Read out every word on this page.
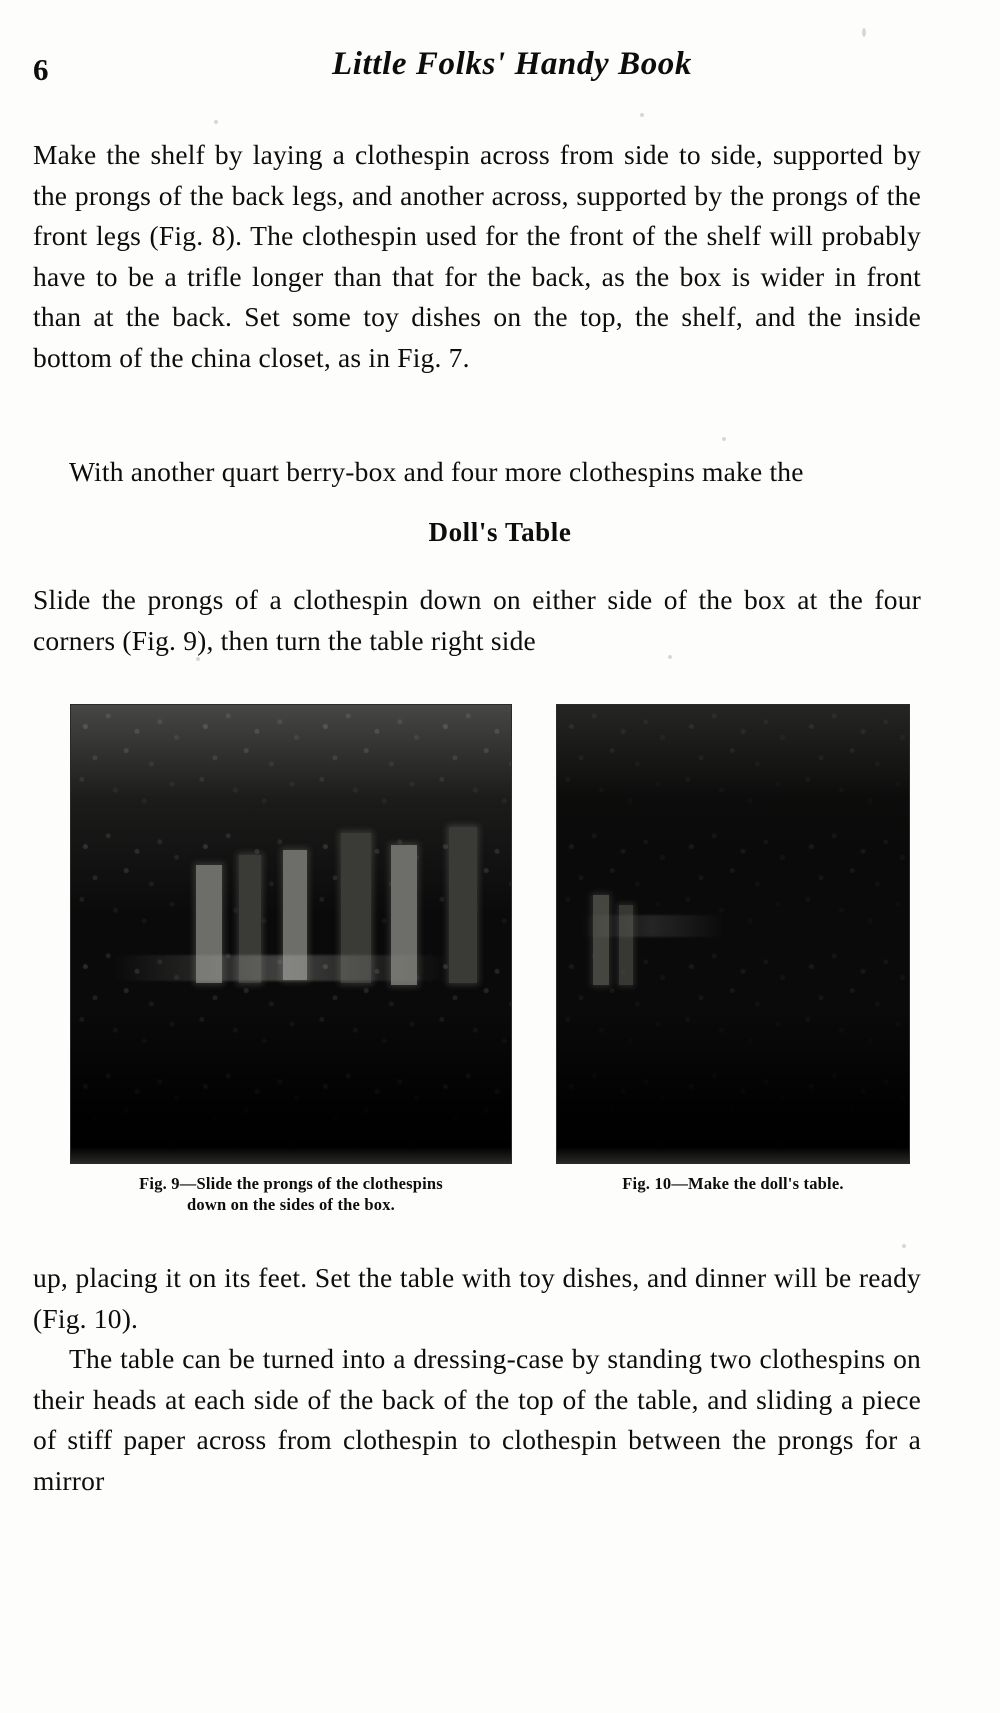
6	Little Folks' Handy Book
Make the shelf by laying a clothespin across from side to side, supported by the prongs of the back legs, and another across, supported by the prongs of the front legs (Fig. 8). The clothespin used for the front of the shelf will probably have to be a trifle longer than that for the back, as the box is wider in front than at the back. Set some toy dishes on the top, the shelf, and the inside bottom of the china closet, as in Fig. 7.
With another quart berry-box and four more clothespins make the
Doll's Table
Slide the prongs of a clothespin down on either side of the box at the four corners (Fig. 9), then turn the table right side
Fig. 9—Slide the prongs of the clothespins
down on the sides of the box.
Fig. 10—Make the doll's table.

up, placing it on its feet. Set the table with toy dishes, and dinner will be ready (Fig. 10).

The table can be turned into a dressing-case by standing two clothespins on their heads at each side of the back of the top of the table, and sliding a piece of stiff paper across from clothespin to clothespin between the prongs for a mirror
